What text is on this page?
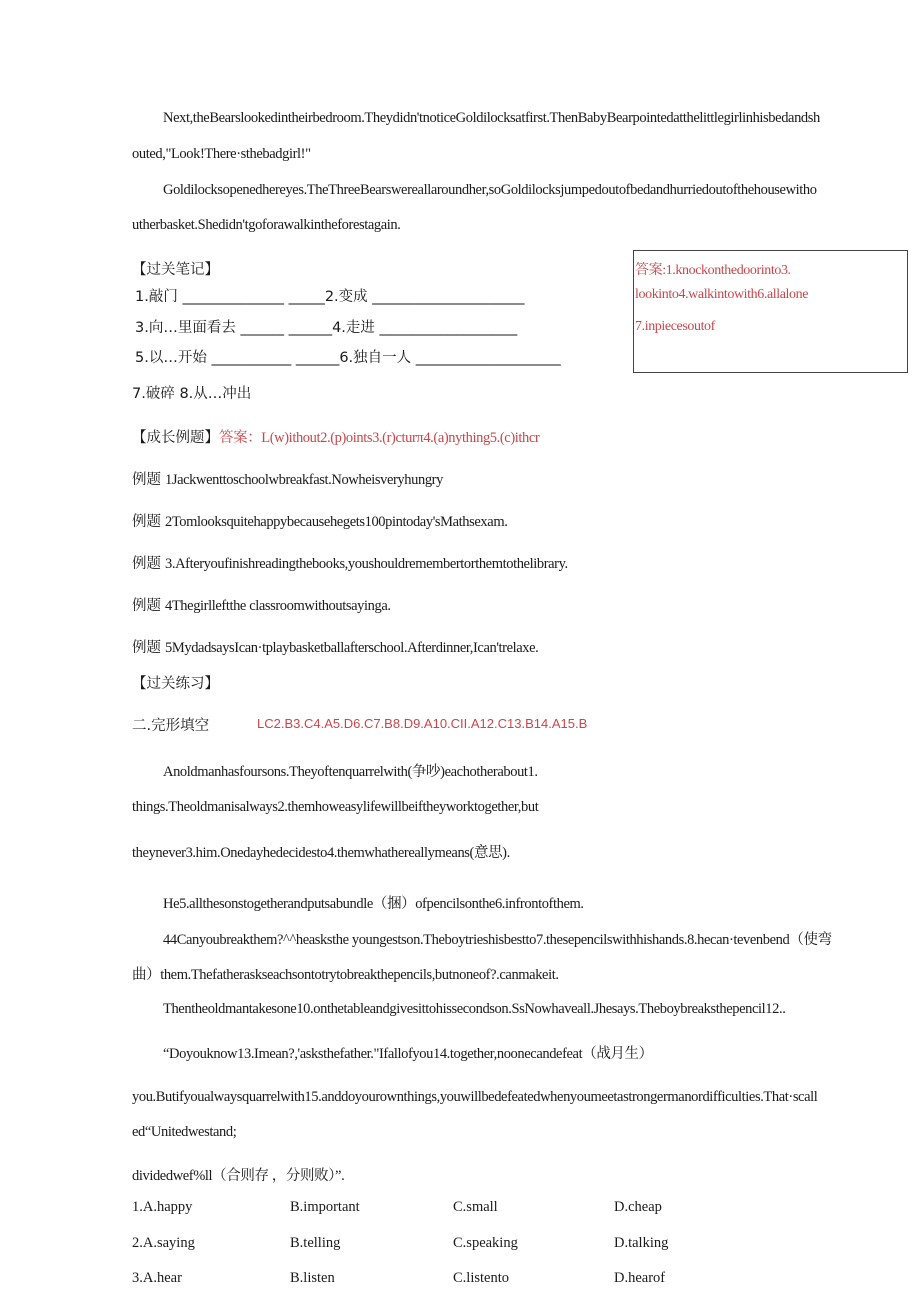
Next,theBearslookedintheirbedroom.Theydidn'tnoticeGoldilocksatfirst.ThenBabyBearpointedatthelittlegirlinhisbedandsh
outed,"Look!There·sthebadgirl!"
Goldilocksopenedhereyes.TheThreeBearswereallaroundher,soGoldilocksjumpedoutofbedandhurriedoutofthehousewitho
utherbasket.Shedidn'tgoforawalkintheforestagain.
【过关笔记】
1.敲门 ______________ _____2.变成 _____________________
3.向…里面看去 ______ ______4.走进 ___________________
5.以…开始 ___________ ______6.独自一人 ____________________
7.破碎 8.从…冲出
答案:1.knockonthedoorinto3.
lookinto4.walkintowith6.allalone
7.inpiecesoutof
【成长例题】答案：L(w)ithout2.(p)oints3.(r)cturπ4.(a)nything5.(c)ithcr
例题 1Jackwenttoschoolwbreakfast.Nowheisveryhungry
例题 2Tomlooksquitehappybecausehegets100pintoday'sMathsexam.
例题 3.Afteryoufinishreadingthebooks,youshouldremembertorthemtothelibrary.
例题 4Thegirlleftthe classroomwithoutsayinga.
例题 5MydadsaysIcan·tplaybasketballafterschool.Afterdinner,Ican'trelaxe.
【过关练习】
二.完形填空	LC2.B3.C4.A5.D6.C7.B8.D9.A10.CII.A12.C13.B14.A15.B
Anoldmanhasfoursons.Theyoftenquarrelwith(争吵)eachotherabout1.
things.Theoldmanisalways2.themhoweasylifewillbeiftheyworktogether,but
theynever3.him.Onedayhedecidesto4.themwhathereallymeans(意思).
He5.allthesonstogetherandputsabundle（捆）ofpencilsonthe6.infrontofthem.
44Canyoubreakthem?^^heasksthe youngestson.Theboytrieshisbestto7.thesepencilswithhishands.8.hecan·tevenbend（使弯
曲）them.Thefatheraskseachsontotrytobreakthepencils,butnoneof?.canmakeit.
Thentheoldmantakesone10.onthetableandgivesittohissecondson.SsNowhaveall.Jhesays.Theboybreaksthepencil12..
“Doyouknow13.Imean?,'asksthefather."Ifallofyou14.together,noonecandefeat（战月生）
you.Butifyoualwaysquarrelwith15.anddoyourownthings,youwillbedefeatedwhenyoumeetastrongermanordifficulties.That·scall
ed“Unitedwestand;
dividedwef%ll（合则存 ，分则败）”.
1.A.happy	B.important	C.small	D.cheap
2.A.saying	B.telling	C.speaking	D.talking
3.A.hear	B.listen	C.listento	D.hearof
